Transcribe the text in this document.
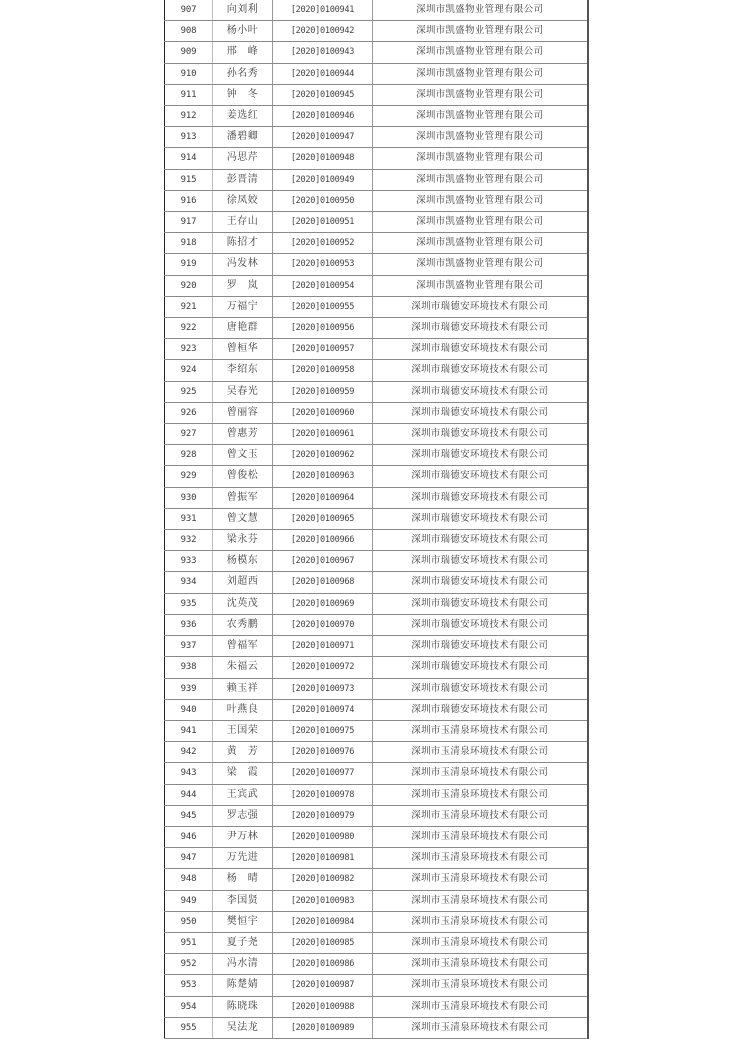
907	向刘利	[2020]0100941	深圳市凯盛物业管理有限公司
908	杨小叶	[2020]0100942	深圳市凯盛物业管理有限公司
909	邢　峰	[2020]0100943	深圳市凯盛物业管理有限公司
910	孙名秀	[2020]0100944	深圳市凯盛物业管理有限公司
911	钟　冬	[2020]0100945	深圳市凯盛物业管理有限公司
912	姜选红	[2020]0100946	深圳市凯盛物业管理有限公司
913	潘碧卿	[2020]0100947	深圳市凯盛物业管理有限公司
914	冯思芹	[2020]0100948	深圳市凯盛物业管理有限公司
915	彭晋清	[2020]0100949	深圳市凯盛物业管理有限公司
916	徐凤姣	[2020]0100950	深圳市凯盛物业管理有限公司
917	王存山	[2020]0100951	深圳市凯盛物业管理有限公司
918	陈招才	[2020]0100952	深圳市凯盛物业管理有限公司
919	冯发林	[2020]0100953	深圳市凯盛物业管理有限公司
920	罗　岚	[2020]0100954	深圳市凯盛物业管理有限公司
921	万福宁	[2020]0100955	深圳市瑞德安环境技术有限公司
922	唐艳群	[2020]0100956	深圳市瑞德安环境技术有限公司
923	曾桓华	[2020]0100957	深圳市瑞德安环境技术有限公司
924	李绍东	[2020]0100958	深圳市瑞德安环境技术有限公司
925	吴春光	[2020]0100959	深圳市瑞德安环境技术有限公司
926	曾丽容	[2020]0100960	深圳市瑞德安环境技术有限公司
927	曾惠芳	[2020]0100961	深圳市瑞德安环境技术有限公司
928	曾文玉	[2020]0100962	深圳市瑞德安环境技术有限公司
929	曾俊松	[2020]0100963	深圳市瑞德安环境技术有限公司
930	曾振军	[2020]0100964	深圳市瑞德安环境技术有限公司
931	曾文慧	[2020]0100965	深圳市瑞德安环境技术有限公司
932	梁永芬	[2020]0100966	深圳市瑞德安环境技术有限公司
933	杨模东	[2020]0100967	深圳市瑞德安环境技术有限公司
934	刘超西	[2020]0100968	深圳市瑞德安环境技术有限公司
935	沈英茂	[2020]0100969	深圳市瑞德安环境技术有限公司
936	农秀鹏	[2020]0100970	深圳市瑞德安环境技术有限公司
937	曾福军	[2020]0100971	深圳市瑞德安环境技术有限公司
938	朱福云	[2020]0100972	深圳市瑞德安环境技术有限公司
939	赖玉祥	[2020]0100973	深圳市瑞德安环境技术有限公司
940	叶燕良	[2020]0100974	深圳市瑞德安环境技术有限公司
941	王国荣	[2020]0100975	深圳市玉清泉环境技术有限公司
942	黄　芳	[2020]0100976	深圳市玉清泉环境技术有限公司
943	梁　霞	[2020]0100977	深圳市玉清泉环境技术有限公司
944	王宾武	[2020]0100978	深圳市玉清泉环境技术有限公司
945	罗志强	[2020]0100979	深圳市玉清泉环境技术有限公司
946	尹万林	[2020]0100980	深圳市玉清泉环境技术有限公司
947	万先进	[2020]0100981	深圳市玉清泉环境技术有限公司
948	杨　晴	[2020]0100982	深圳市玉清泉环境技术有限公司
949	李国贤	[2020]0100983	深圳市玉清泉环境技术有限公司
950	樊恒宇	[2020]0100984	深圳市玉清泉环境技术有限公司
951	夏子尧	[2020]0100985	深圳市玉清泉环境技术有限公司
952	冯水清	[2020]0100986	深圳市玉清泉环境技术有限公司
953	陈楚婧	[2020]0100987	深圳市玉清泉环境技术有限公司
954	陈晓珠	[2020]0100988	深圳市玉清泉环境技术有限公司
955	吴法龙	[2020]0100989	深圳市玉清泉环境技术有限公司
